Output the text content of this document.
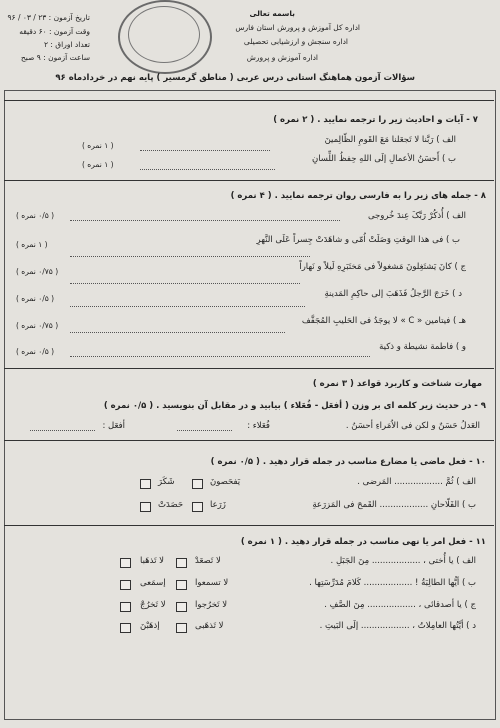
تاریخ آزمون : ۲۳ / ۰۳ / ۹۶
وقت آزمون : ۶۰ دقیقه
تعداد اوراق : ۲
ساعت آزمون : ۹ صبح
باسمه تعالی
اداره کل آموزش و پرورش استان فارس
اداره سنجش و ارزشیابی تحصیلی
اداره آموزش و پرورش
سؤالات آزمون هماهنگ استانی درس عربی ( مناطق گرمسیر ) پایه نهم در خردادماه ۹۶
۷ - آیات و احادیث زیر را ترجمه نمایید . ( ۲ نمره )
الف ) رَبَّنا لا تَجعَلنا مَعَ القَومِ الظّالِمینَ
( ۱ نمره )
ب ) أَحسَنُ الأعمالِ إلَی اللهِ حِفظُ اللِّسانِ
( ۱ نمره )
۸ - جمله های زیر را به فارسی روان ترجمه نمایید . ( ۴ نمره )
الف ) أُذکُرْ رَبَّکَ عِندَ خُروجی
( ۰/۵ نمره )
ب ) فی هذا الوقتِ وَصَلَتْ اُمّی و شاهَدَتْ جِسراً عَلَی النَّهرِ
( ۱ نمره )
ج ) کانَ یَشتَغِلونَ مَشغولاً فی مَختَبَرِهِ لَیلاً و نَهاراً
( ۰/۷۵ نمره )
د ) خَرَجَ الرَّجلُ فَذَهَبَ إلی حاکِمِ المَدینةِ
( ۰/۵ نمره )
هـ ) فیتامین « C » لا یوجَدُ فی الحَلیبِ المُجَفَّف
( ۰/۷۵ نمره )
و ) فاطمة نشیطة و ذکیة
( ۰/۵ نمره )
مهارت شناخت و کاربرد قواعد ( ۳ نمره )
۹ - در حدیث زیر کلمه ای بر وزن ( أفعَل - فُعَلاء ) بیابید و در مقابل آن بنویسید . ( ۰/۵ نمره )
العَدلُ حَسَنٌ و لکن فی الاُمَراءِ أحسَنُ .
فُعَلاء :
أفعَل :
۱۰ - فعل ماضی یا مضارع مناسب در جمله قرار دهید . ( ۰/۵ نمره )
الف ) ثُمَّ .................. المَرضی .
یَفحَصونَ
شَکَرَ
ب ) الفَلّاحانِ .................. القَمحَ فی المَزرَعةِ
زَرَعا
حَصَدَتْ
۱۱ - فعل امر یا نهی مناسب در جمله قرار دهید . ( ۱ نمره )
الف ) یا أُختی ، .................. مِنَ الجَبَلِ .
لا تَصعَدْ
لا تَذهَبا
ب ) أیُّها الطالِبَةُ ! .................. کَلامَ مُدَرِّسَتِها .
لا تسمعوا
إسمَعی
ج ) یا أصدقائی ، .................. مِنَ الصَّفِ .
لا تَخرُجوا
لا تَخرُجْ
د ) أیَّتُها العامِلاتُ ، .................. إلَی البَیتِ .
لا تَذهَبی
إذهَبْنَ
